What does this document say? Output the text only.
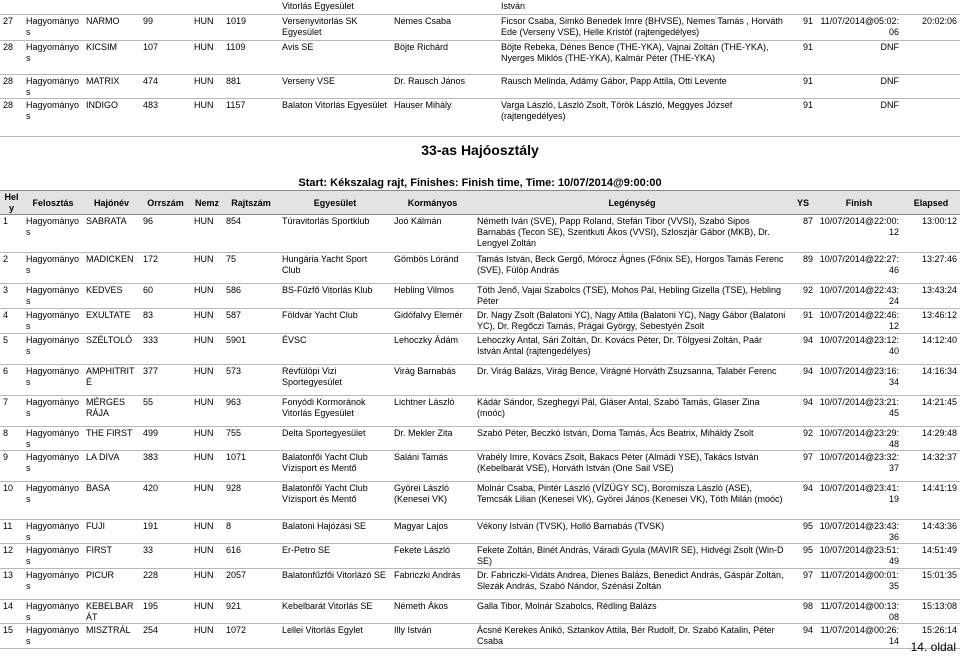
						Vitorlás Egyesület		István			
27	Hagyományos	NARMO	99	HUN	1019	Versenyvitorlás SK Egyesület	Nemes Csaba	Ficsor Csaba, Simkó Benedek Imre (BHVSE), Nemes Tamás , Horváth Ede (Verseny VSE), Helle Kristóf (rajtengedélyes)	91	11/07/2014@05:02:06	20:02:06
28	Hagyományos	KICSIM	107	HUN	1109	Avis SE	Böjte Richárd	Böjte Rebeka, Dénes Bence (THE-YKA), Vajnai Zoltán (THE-YKA), Nyerges Miklós (THE-YKA), Kalmár Péter (THE-YKA)	91	DNF	
28	Hagyományos	MATRIX	474	HUN	881	Verseny VSE	Dr. Rausch János	Rausch Melinda, Adámy Gábor, Papp Attila, Otti Levente	91	DNF	
28	Hagyományos	INDIGO	483	HUN	1157	Balaton Vitorlás Egyesület	Hauser Mihály	Varga László, László Zsolt, Török László, Meggyes József (rajtengedélyes)	91	DNF	
33-as Hajóosztály
Start: Kékszalag rajt, Finishes: Finish time, Time: 10/07/2014@9:00:00
Hely	Felosztás	Hajónév	Orrszám	Nemz	Rajtszám	Egyesület	Kormányos	Legénység	YS	Finish	Elapsed
1	Hagyományos	SABRATA	96	HUN	854	Túravitorlás Sportklub	Joó Kálmán	Németh Iván (SVE), Papp Roland, Stefán Tibor (VVSI), Szabó Sipos Barnabás (Tecon SE), Szentkuti Ákos (VVSI), Szloszjár Gábor (MKB), Dr. Lengyel Zoltán	87	10/07/2014@22:00:12	13:00:12
2	Hagyományos	MADICKEN	172	HUN	75	Hungária Yacht Sport Club	Gömbös Lóránd	Tamás István, Beck Gergő, Mórocz Ágnes (Főnix SE), Horgos Tamás Ferenc (SVE), Fülöp András	89	10/07/2014@22:27:46	13:27:46
3	Hagyományos	KEDVES	60	HUN	586	BS-Fűzfő Vitorlás Klub	Hebling Vilmos	Tóth Jenő, Vajai Szabolcs (TSE), Mohos Pál, Hebling Gizella (TSE), Hebling Péter	92	10/07/2014@22:43:24	13:43:24
4	Hagyományos	EXULTATE	83	HUN	587	Földvár Yacht Club	Gidófalvy Elemér	Dr. Nagy Zsolt (Balatoni YC), Nagy Attila (Balatoni YC), Nagy Gábor (Balatoni YC), Dr. Regőczi Tamás, Prágai György, Sebestyén Zsolt	91	10/07/2014@22:46:12	13:46:12
5	Hagyományos	SZÉLTOLÓ	333	HUN	5901	ÉVSC	Lehoczky Ádám	Lehoczky Antal, Sári Zoltán, Dr. Kovács Péter, Dr. Tölgyesi Zoltán, Paár István Antal (rajtengedélyes)	94	10/07/2014@23:12:40	14:12:40
6	Hagyományos	AMPHITRITÉ	377	HUN	573	Révfülöpi Vizi Sportegyesület	Virág Barnabás	Dr. Virág Balázs, Virág Bence, Virágné Horváth Zsuzsanna, Talabér Ferenc	94	10/07/2014@23:16:34	14:16:34
7	Hagyományos	MÉRGES RÁJA	55	HUN	963	Fonyódi Kormoránok Vitorlás Egyesület	Lichtner László	Kádár Sándor, Szeghegyi Pál, Gláser Antal, Szabó Tamás, Glaser Zina (moóc)	94	10/07/2014@23:21:45	14:21:45
8	Hagyományos	THE FIRST	499	HUN	755	Delta Sportegyesület	Dr. Mekler Zita	Szabó Péter, Beczkó István, Doma Tamás, Ács Beatrix, Miháldy Zsolt	92	10/07/2014@23:29:48	14:29:48
9	Hagyományos	LA DIVA	383	HUN	1071	Balatonfői Yacht Club Vízisport és Mentő	Saláni Tamás	Vrabély Imre, Kovács Zsolt, Bakacs Péter (Almádi YSE), Takács István (Kebelbarát VSE), Horváth István (One Sail VSE)	97	10/07/2014@23:32:37	14:32:37
10	Hagyományos	BASA	420	HUN	928	Balatonfői Yacht Club Vízisport és Mentő	Györei László (Kenesei VK)	Molnár Csaba, Pintér László (VÍZÜGY SC), Boromisza László (ASE), Temcsák Lilian (Kenesei VK), Györei János (Kenesei VK), Tóth Milán (moóc)	94	10/07/2014@23:41:19	14:41:19
11	Hagyományos	FUJI	191	HUN	8	Balatoni Hajózási SE	Magyar Lajos	Vékony István (TVSK), Holló Barnabás (TVSK)	95	10/07/2014@23:43:36	14:43:36
12	Hagyományos	FIRST	33	HUN	616	Er-Petro SE	Fekete László	Fekete Zoltán, Binét András, Váradi Gyula (MAVIR SE), Hidvégi Zsolt (Win-D SE)	95	10/07/2014@23:51:49	14:51:49
13	Hagyományos	PICUR	228	HUN	2057	Balatonfűzfői Vitorlázó SE	Fabriczki András	Dr. Fabriczki-Vidáts Andrea, Dienes Balázs, Benedict András, Gáspár Zoltán, Slezák András, Szabó Nándor, Szénási Zoltán	97	11/07/2014@00:01:35	15:01:35
14	Hagyományos	KEBELBARÁT	195	HUN	921	Kebelbarát Vitorlás SE	Németh Ákos	Galla Tibor, Molnár Szabolcs, Rédling Balázs	98	11/07/2014@00:13:08	15:13:08
15	Hagyományos	MISZTRÁL	254	HUN	1072	Lellei Vitorlás Egylet	Illy István	Ácsné Kerekes Anikó, Sztankov Attila, Bér Rudolf, Dr. Szabó Katalin, Péter Csaba	94	11/07/2014@00:26:14	15:26:14
14. oldal
